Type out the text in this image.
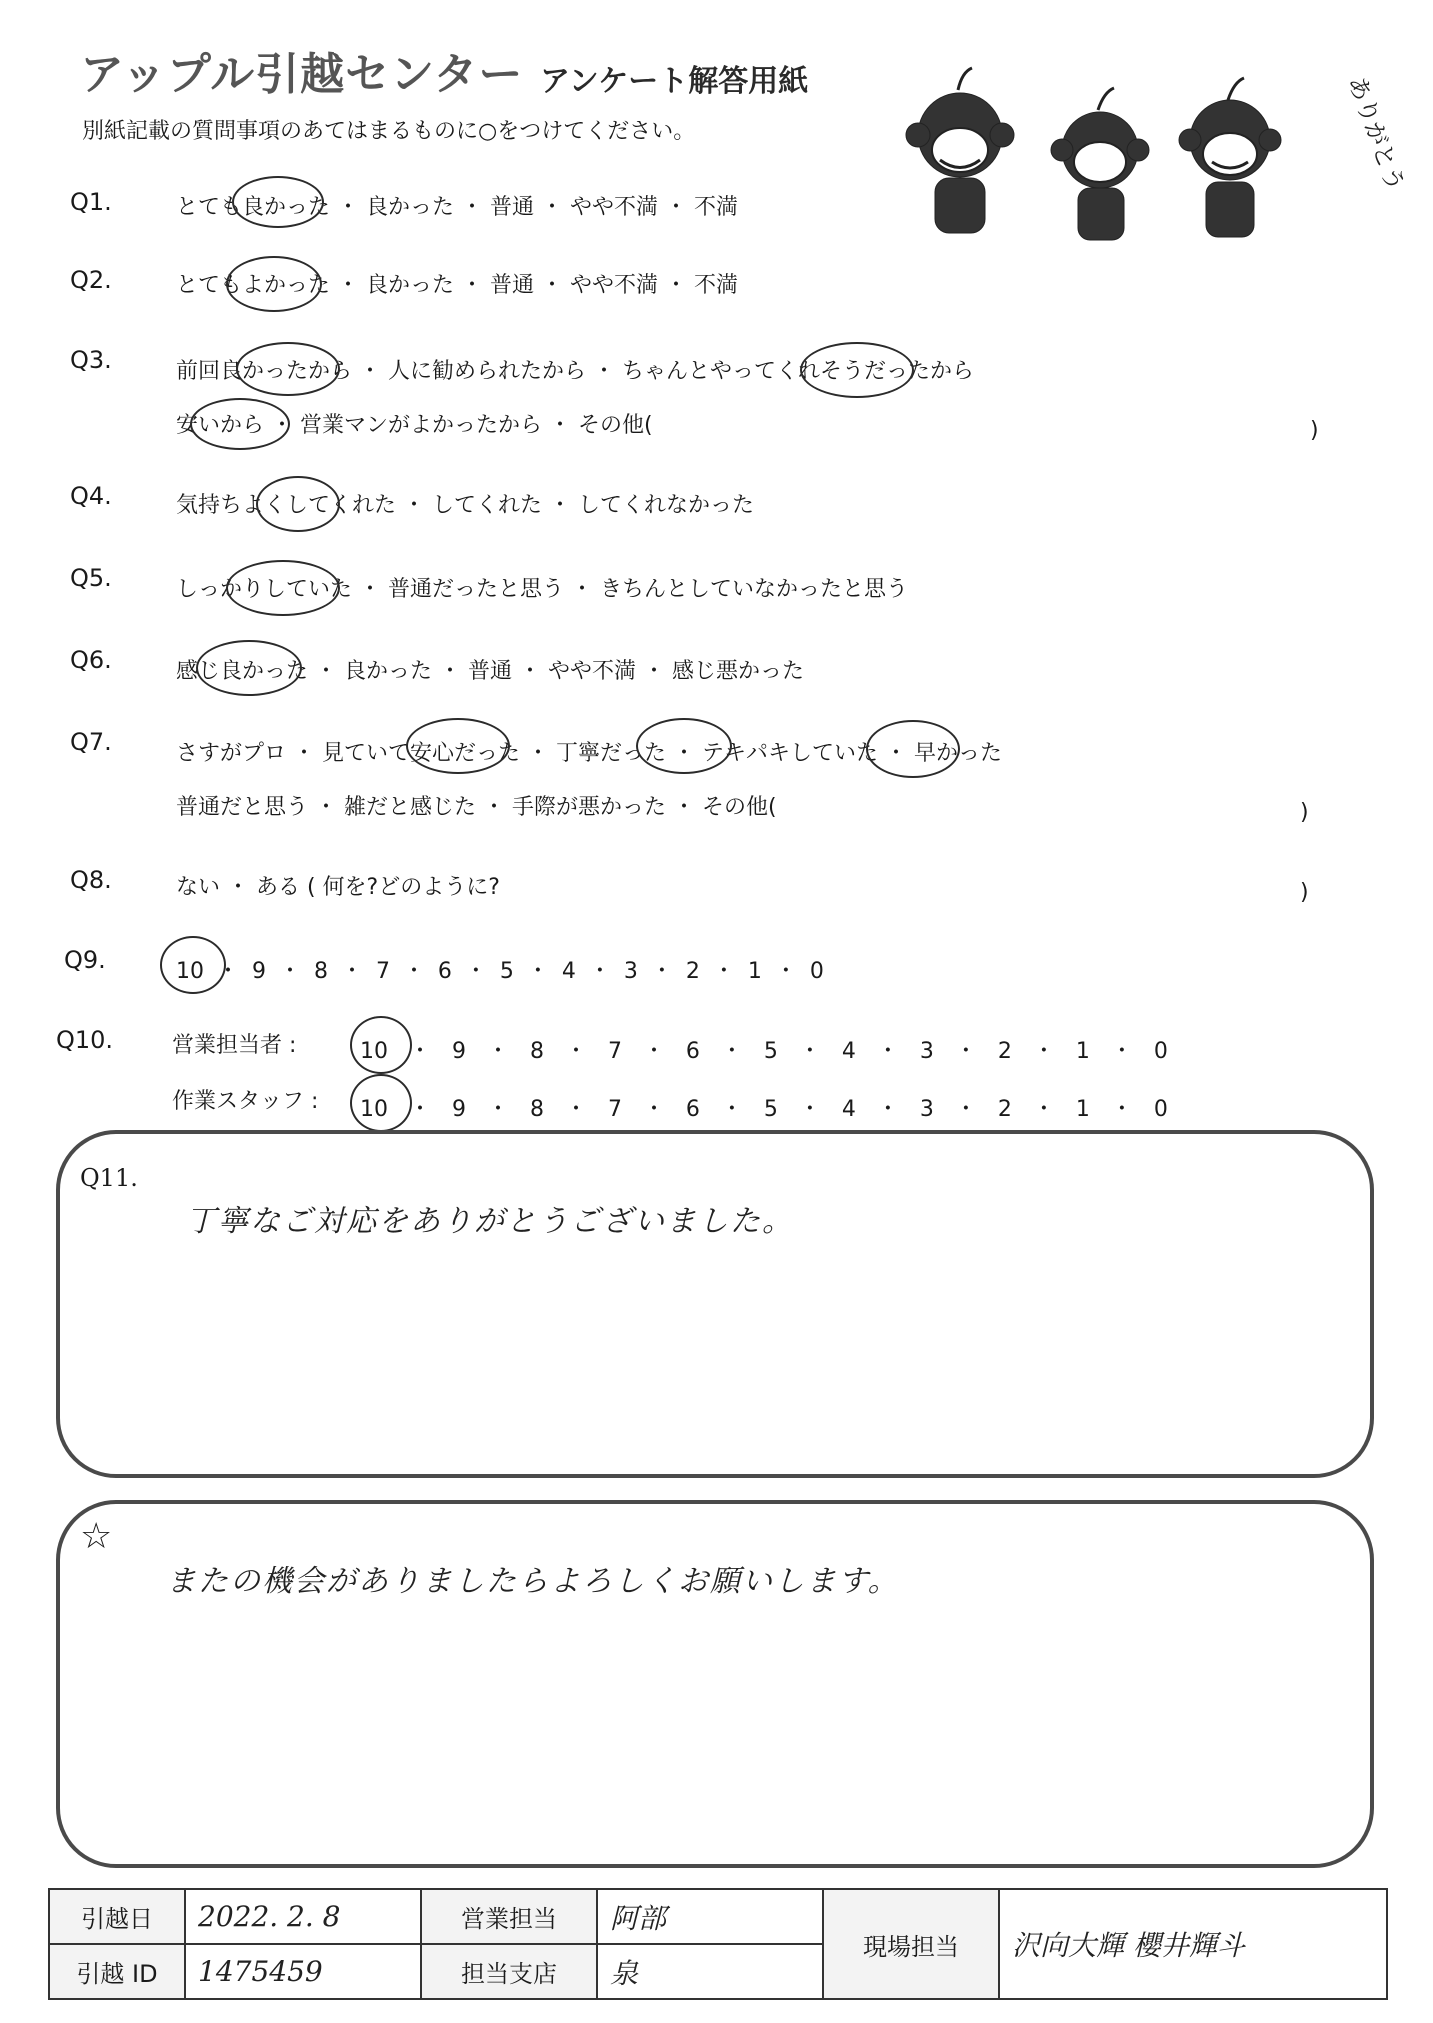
アップル引越センター アンケート解答用紙
別紙記載の質問事項のあてはまるものに○をつけてください。	ありがとう
Q1.	とても良かった ・ 良かった ・ 普通 ・ やや不満 ・ 不満
Q2.	とてもよかった ・ 良かった ・ 普通 ・ やや不満 ・ 不満
Q3.	前回良かったから ・ 人に勧められたから ・ ちゃんとやってくれそうだったから
安いから ・ 営業マンがよかったから ・ その他(	)
Q4.	気持ちよくしてくれた ・ してくれた ・ してくれなかった
Q5.	しっかりしていた ・ 普通だったと思う ・ きちんとしていなかったと思う
Q6.	感じ良かった ・ 良かった ・ 普通 ・ やや不満 ・ 感じ悪かった
Q7.	さすがプロ ・ 見ていて安心だった ・ 丁寧だった ・ テキパキしていた ・ 早かった
普通だと思う ・ 雑だと感じた ・ 手際が悪かった ・ その他(	)
Q8.	ない ・ ある ( 何を?どのように?	)
Q9.	10 ・ 9 ・ 8 ・ 7 ・ 6 ・ 5 ・ 4 ・ 3 ・ 2 ・ 1 ・ 0
Q10.	営業担当者 :	10 ・ 9 ・ 8 ・ 7 ・ 6 ・ 5 ・ 4 ・ 3 ・ 2 ・ 1 ・ 0
作業スタッフ : 10 ・ 9 ・ 8 ・ 7 ・ 6 ・ 5 ・ 4 ・ 3 ・ 2 ・ 1 ・ 0
Q11.
丁寧なご対応をありがとうございました。
☆
またの機会がありましたらよろしくお願いします。
引越日	2022. 2. 8	営業担当	阿部	現場担当	沢向大輝 櫻井輝斗
引越 ID	1475459	担当支店	泉		
